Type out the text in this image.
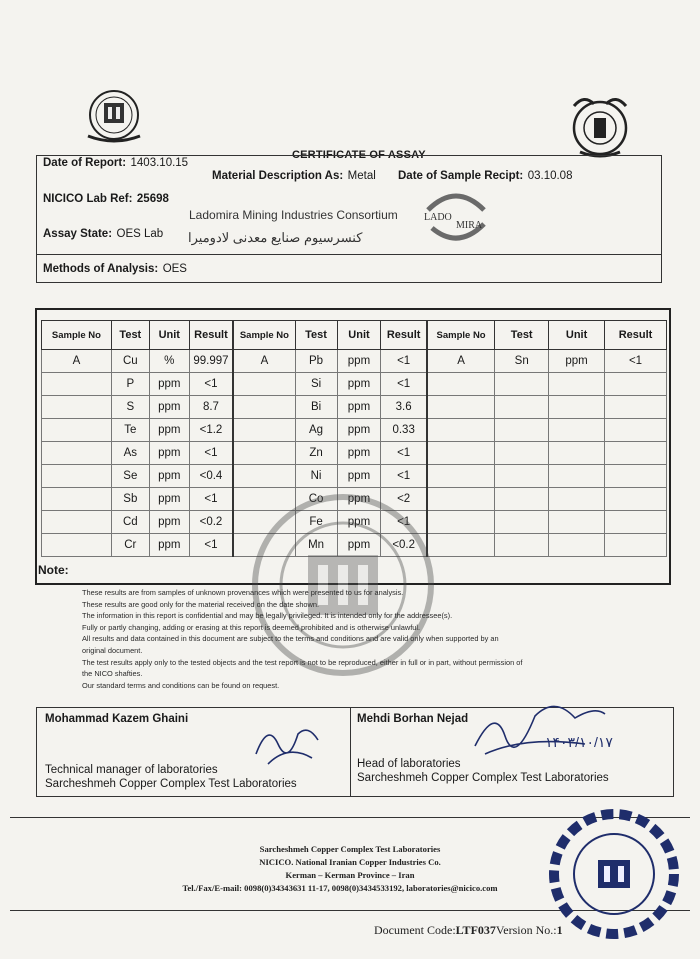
CERTIFICATE OF ASSAY
Date of Report: 1403.10.15
Material Description As: Metal Date of Sample Recipt: 03.10.08
NICICO Lab Ref: 25698
Ladomira Mining Industries Consortium
کنسرسیوم صنایع معدنی لادومیرا
Assay State: OES Lab
Methods of Analysis: OES
LADO
MIRA
Sample No	Test	Unit	Result	Sample No	Test	Unit	Result	Sample No	Test	Unit	Result
A	Cu	%	99.997	A	Pb	ppm	<1	A	Sn	ppm	<1
	P	ppm	<1		Si	ppm	<1				
	S	ppm	8.7		Bi	ppm	3.6				
	Te	ppm	<1.2		Ag	ppm	0.33				
	As	ppm	<1		Zn	ppm	<1				
	Se	ppm	<0.4		Ni	ppm	<1				
	Sb	ppm	<1		Co	ppm	<2				
	Cd	ppm	<0.2		Fe	ppm	<1				
	Cr	ppm	<1		Mn	ppm	<0.2				
Note:
These results are from samples of unknown provenances which were presented to us for analysis.
These results are good only for the material received on the date shown.
The information in this report is confidential and may be legally privileged. It is intended only for the addressee(s).
Fully or partly changing, adding or erasing at this report is deemed prohibited and is otherwise unlawful.
All results and data contained in this document are subject to the terms and conditions and are valid only when supported by an
original document.
The test results apply only to the tested objects and the test report is not to be reproduced, either in full or in part, without permission of
the NICO shafties.
Our standard terms and conditions can be found on request.
Mohammad Kazem Ghaini
Technical manager of laboratories
Sarcheshmeh Copper Complex Test Laboratories
Mehdi Borhan Nejad
Head of laboratories
Sarcheshmeh Copper Complex Test Laboratories
۱۴۰۳/۱۰/۱۷
Sarcheshmeh Copper Complex Test Laboratories
NICICO. National Iranian Copper Industries Co.
Kerman – Kerman Province – Iran
Tel./Fax/E-mail: 0098(0)34343631 11-17, 0098(0)3434533192, laboratories@nicico.com
Document Code:LTF037Version No.:1
